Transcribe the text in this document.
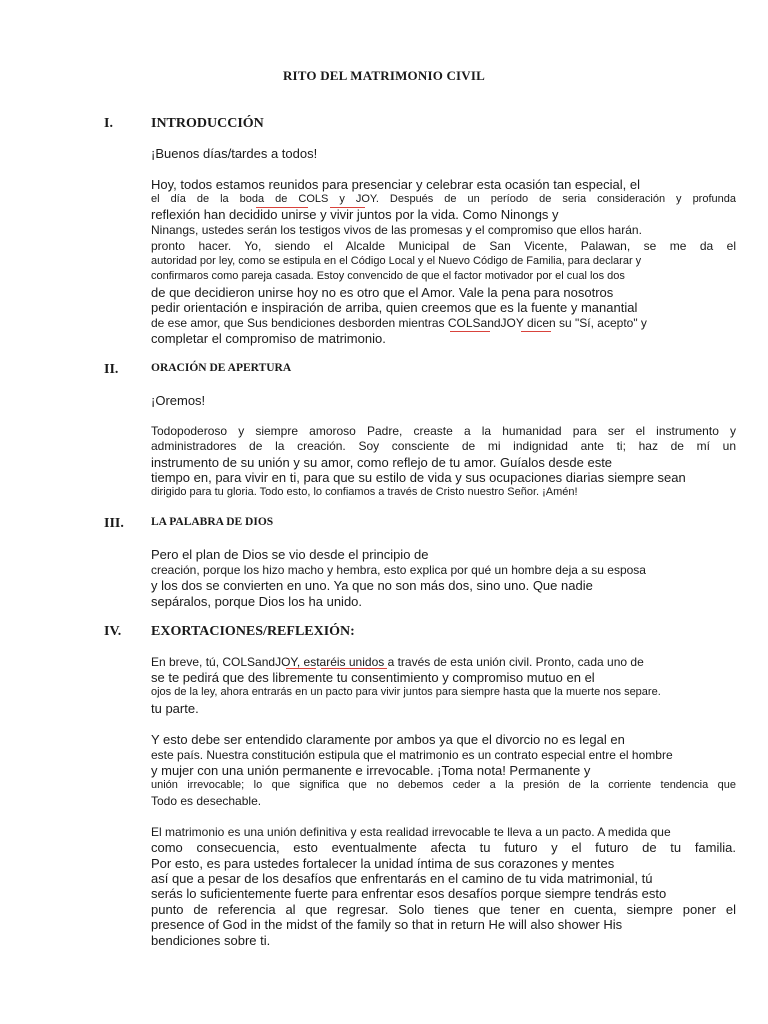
RITO DEL MATRIMONIO CIVIL
I.	INTRODUCCIÓN
¡Buenos días/tardes a todos!
Hoy, todos estamos reunidos para presenciar y celebrar esta ocasión tan especial, el
el día de la boda de COLS y JOY. Después de un período de seria consideración y profunda
reflexión han decidido unirse y vivir juntos por la vida. Como Ninongs y
Ninangs, ustedes serán los testigos vivos de las promesas y el compromiso que ellos harán.
pronto hacer. Yo, siendo el Alcalde Municipal de San Vicente, Palawan, se me da el
autoridad por ley, como se estipula en el Código Local y el Nuevo Código de Familia, para declarar y
confirmaros como pareja casada. Estoy convencido de que el factor motivador por el cual los dos
de que decidieron unirse hoy no es otro que el Amor. Vale la pena para nosotros
pedir orientación e inspiración de arriba, quien creemos que es la fuente y manantial
de ese amor, que Sus bendiciones desborden mientras COLSandJOY dicen su "Sí, acepto" y
completar el compromiso de matrimonio.
II.	ORACIÓN DE APERTURA
¡Oremos!
Todopoderoso y siempre amoroso Padre, creaste a la humanidad para ser el instrumento y
administradores de la creación. Soy consciente de mi indignidad ante ti; haz de mí un
instrumento de su unión y su amor, como reflejo de tu amor. Guíalos desde este
tiempo en, para vivir en ti, para que su estilo de vida y sus ocupaciones diarias siempre sean
dirigido para tu gloria. Todo esto, lo confiamos a través de Cristo nuestro Señor. ¡Amén!
III. LA PALABRA DE DIOS
Pero el plan de Dios se vio desde el principio de
creación, porque los hizo macho y hembra, esto explica por qué un hombre deja a su esposa
y los dos se convierten en uno. Ya que no son más dos, sino uno. Que nadie
sepáralos, porque Dios los ha unido.
IV. EXORTACIONES/REFLEXIÓN:
En breve, tú, COLSandJOY, estaréis unidos a través de esta unión civil. Pronto, cada uno de
se te pedirá que des libremente tu consentimiento y compromiso mutuo en el
ojos de la ley, ahora entrarás en un pacto para vivir juntos para siempre hasta que la muerte nos separe.
tu parte.
Y esto debe ser entendido claramente por ambos ya que el divorcio no es legal en
este país. Nuestra constitución estipula que el matrimonio es un contrato especial entre el hombre
y mujer con una unión permanente e irrevocable. ¡Toma nota! Permanente y
unión irrevocable; lo que significa que no debemos ceder a la presión de la corriente tendencia que
Todo es desechable.
El matrimonio es una unión definitiva y esta realidad irrevocable te lleva a un pacto. A medida que
como consecuencia, esto eventualmente afecta tu futuro y el futuro de tu familia.
Por esto, es para ustedes fortalecer la unidad íntima de sus corazones y mentes
así que a pesar de los desafíos que enfrentarás en el camino de tu vida matrimonial, tú
serás lo suficientemente fuerte para enfrentar esos desafíos porque siempre tendrás esto
punto de referencia al que regresar. Solo tienes que tener en cuenta, siempre poner el
presence of God in the midst of the family so that in return He will also shower His
bendiciones sobre ti.
